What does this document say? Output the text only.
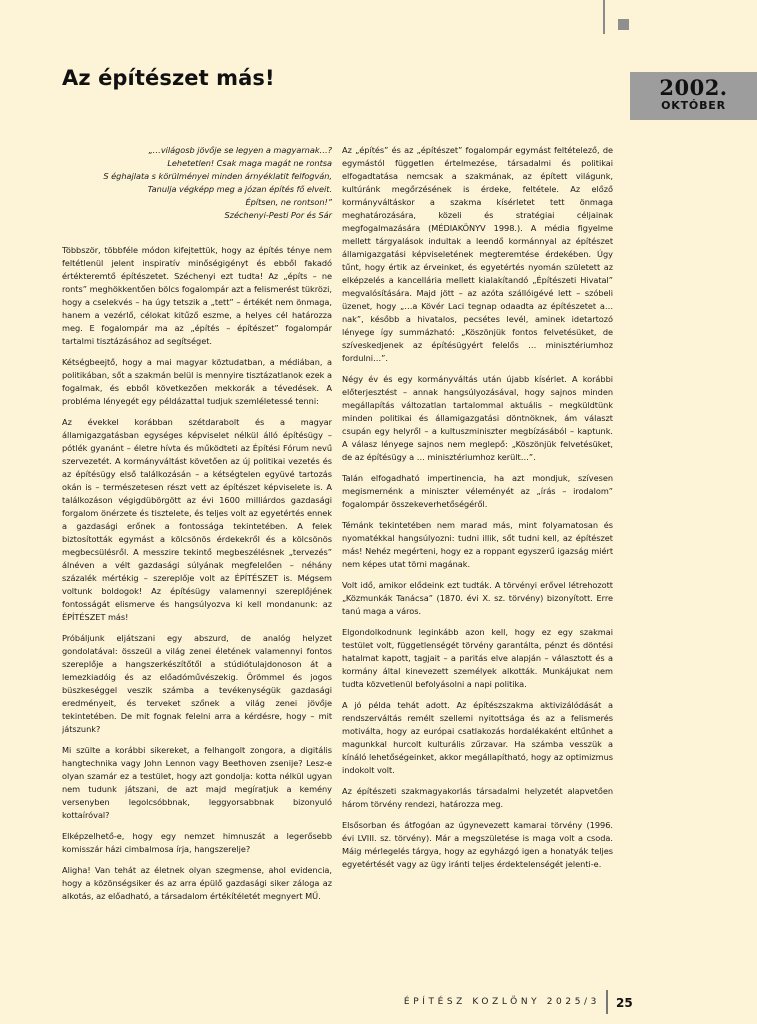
Az építészet más!	2002.
OKTÓBER
„…világosb jövője se legyen a magyarnak…?
Lehetetlen! Csak maga magát ne rontsa
S éghajlata s körülményei minden árnyéklatit felfogván,
Tanulja végképp meg a józan építés fő elveit.
Építsen, ne rontson!”
Széchenyi-Pesti Por és Sár

Többször, többféle módon kifejtettük, hogy az építés ténye nem feltétlenül jelent inspiratív minőségigényt és ebből fakadó értékteremtő építészetet. Széchenyi ezt tudta! Az „építs – ne ronts” meghökkentően bölcs fogalompár azt a felismerést tükrözi, hogy a cselekvés – ha úgy tetszik a „tett” – értékét nem önmaga, hanem a vezérlő, célokat kitűző eszme, a helyes cél határozza meg. E fogalompár ma az „építés – építészet” fogalompár tartalmi tisztázásához ad segítséget.

Kétségbeejtő, hogy a mai magyar köztudatban, a médiában, a politikában, sőt a szakmán belül is mennyire tisztázatlanok ezek a fogalmak, és ebből következően mekkorák a tévedések. A probléma lényegét egy példázattal tudjuk szemléletessé tenni:

Az évekkel korábban szétdarabolt és a magyar államigazgatásban egységes képviselet nélkül álló építésügy – pótlék gyanánt – életre hívta és működteti az Építési Fórum nevű szervezetét. A kormányváltást követően az új politikai vezetés és az építésügy első találkozásán – a kétségtelen együvé tartozás okán is – természetesen részt vett az építészet képviselete is. A találkozáson végigdübörgött az évi 1600 milliárdos gazdasági forgalom önérzete és tisztelete, és teljes volt az egyetértés ennek a gazdasági erőnek a fontossága tekintetében. A felek biztosították egymást a kölcsönös érdekekről és a kölcsönös megbecsülésről. A messzire tekintő megbeszélésnek „tervezés” álnéven a vélt gazdasági súlyának megfelelően – néhány százalék mértékig – szereplője volt az ÉPÍTÉSZET is. Mégsem voltunk boldogok! Az építésügy valamennyi szereplőjének fontosságát elismerve és hangsúlyozva ki kell mondanunk: az ÉPÍTÉSZET más!

Próbáljunk eljátszani egy abszurd, de analóg helyzet gondolatával: összeül a világ zenei életének valamennyi fontos szereplője a hangszerkészítőtől a stúdiótulajdonoson át a lemezkiadóig és az előadóművészekig. Örömmel és jogos büszkeséggel veszik számba a tevékenységük gazdasági eredményeit, és terveket szőnek a világ zenei jövője tekintetében. De mit fognak felelni arra a kérdésre, hogy – mit játszunk?

Mi szülte a korábbi sikereket, a felhangolt zongora, a digitális hangtechnika vagy John Lennon vagy Beethoven zsenije? Lesz-e olyan szamár ez a testület, hogy azt gondolja: kotta nélkül ugyan nem tudunk játszani, de azt majd megíratjuk a kemény versenyben legolcsóbbnak, leggyorsabbnak bizonyuló kottaíróval?

Elképzelhető-e, hogy egy nemzet himnuszát a legerősebb komisszár házi cimbalmosa írja, hangszerelje?

Aligha! Van tehát az életnek olyan szegmense, ahol evidencia, hogy a közönségsiker és az arra épülő gazdasági siker záloga az alkotás, az előadható, a társadalom értékítéletét megnyert MŰ.

Az „építés” és az „építészet” fogalompár egymást feltételező, de egymástól független értelmezése, társadalmi és politikai elfogadtatása nemcsak a szakmának, az épített világunk, kultúránk megőrzésének is érdeke, feltétele. Az előző kormányváltáskor a szakma kísérletet tett önmaga meghatározására, közeli és stratégiai céljainak megfogalmazására (MÉDIAKÖNYV 1998.). A média figyelme mellett tárgyalások indultak a leendő kormánnyal az építészet államigazgatási képviseletének megteremtése érdekében. Úgy tűnt, hogy értik az érveinket, és egyetértés nyomán született az elképzelés a kancellária mellett kialakítandó „Építészeti Hivatal” megvalósítására. Majd jött – az azóta szállóigévé lett – szóbeli üzenet, hogy „…a Kövér Laci tegnap odaadta az építészetet a…nak”, később a hivatalos, pecsétes levél, aminek idetartozó lényege így summázható: „Köszönjük fontos felvetésüket, de szíveskedjenek az építésügyért felelős … minisztériumhoz fordulni…”.

Négy év és egy kormányváltás után újabb kísérlet. A korábbi előterjesztést – annak hangsúlyozásával, hogy sajnos minden megállapítás változatlan tartalommal aktuális – megküldtünk minden politikai és államigazgatási döntnöknek, ám választ csupán egy helyről – a kultuszminiszter megbízásából – kaptunk. A válasz lényege sajnos nem meglepő: „Köszönjük felvetésüket, de az építésügy a … minisztériumhoz került…”.

Talán elfogadható impertinencia, ha azt mondjuk, szívesen megismernénk a miniszter véleményét az „írás – irodalom” fogalompár összekeverhetőségéről.

Témánk tekintetében nem marad más, mint folyamatosan és nyomatékkal hangsúlyozni: tudni illik, sőt tudni kell, az építészet más! Nehéz megérteni, hogy ez a roppant egyszerű igazság miért nem képes utat törni magának.

Volt idő, amikor elődeink ezt tudták. A törvényi erővel létrehozott „Közmunkák Tanácsa” (1870. évi X. sz. törvény) bizonyított. Erre tanú maga a város.

Elgondolkodnunk leginkább azon kell, hogy ez egy szakmai testület volt, függetlenségét törvény garantálta, pénzt és döntési hatalmat kapott, tagjait – a paritás elve alapján – választott és a kormány által kinevezett személyek alkották. Munkájukat nem tudta közvetlenül befolyásolni a napi politika.

A jó példa tehát adott. Az építészszakma aktivizálódását a rendszerváltás remélt szellemi nyitottsága és az a felismerés motiválta, hogy az európai csatlakozás hordalékaként eltűnhet a magunkkal hurcolt kulturális zűrzavar. Ha számba vesszük a kínáló lehetőségeinket, akkor megállapítható, hogy az optimizmus indokolt volt.

Az építészeti szakmagyakorlás társadalmi helyzetét alapvetően három törvény rendezi, határozza meg.

Elsősorban és átfogóan az úgynevezett kamarai törvény (1996. évi LVIII. sz. törvény). Már a megszületése is maga volt a csoda. Máig mérlegelés tárgya, hogy az egyházgó igen a honatyák teljes egyetértését vagy az ügy iránti teljes érdektelenségét jelenti-e.

ÉPÍTÉSZ KOZLÖNY 2025/3 25
